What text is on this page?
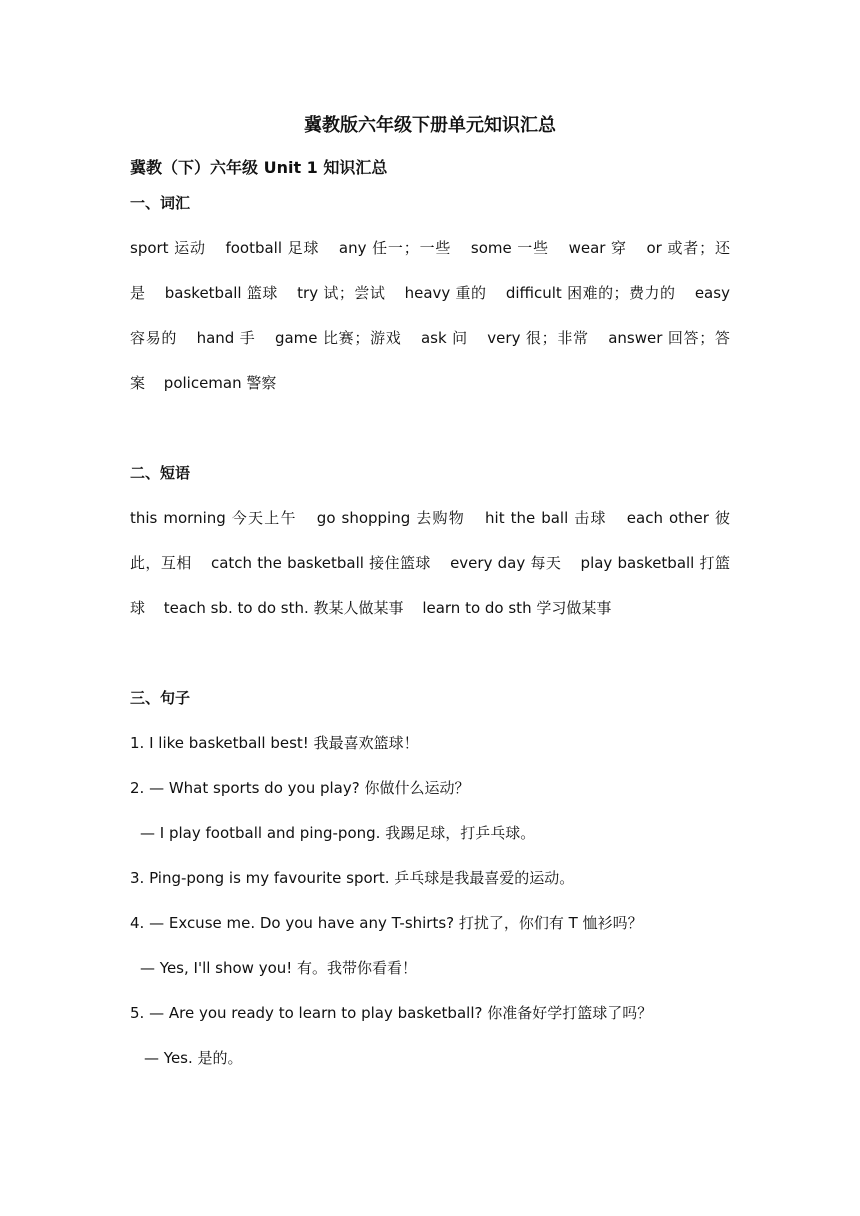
冀教版六年级下册单元知识汇总
冀教（下）六年级 Unit 1 知识汇总
一、词汇

sport 运动 football 足球 any 任一；一些 some 一些 wear 穿 or 或者；还是 basketball 篮球 try 试；尝试 heavy 重的 difficult 困难的；费力的 easy 容易的 hand 手 game 比赛；游戏 ask 问 very 很；非常 answer 回答；答案 policeman 警察

二、短语

this morning 今天上午 go shopping 去购物 hit the ball 击球 each other 彼此，互相 catch the basketball 接住篮球 every day 每天 play basketball 打篮球 teach sb. to do sth. 教某人做某事 learn to do sth 学习做某事

三、句子

1. I like basketball best! 我最喜欢篮球！

2. — What sports do you play? 你做什么运动？

— I play football and ping-pong. 我踢足球，打乒乓球。

3. Ping-pong is my favourite sport. 乒乓球是我最喜爱的运动。

4. — Excuse me. Do you have any T-shirts? 打扰了，你们有 T 恤衫吗？

— Yes, I'll show you! 有。我带你看看！

5. — Are you ready to learn to play basketball? 你准备好学打篮球了吗？

— Yes. 是的。
